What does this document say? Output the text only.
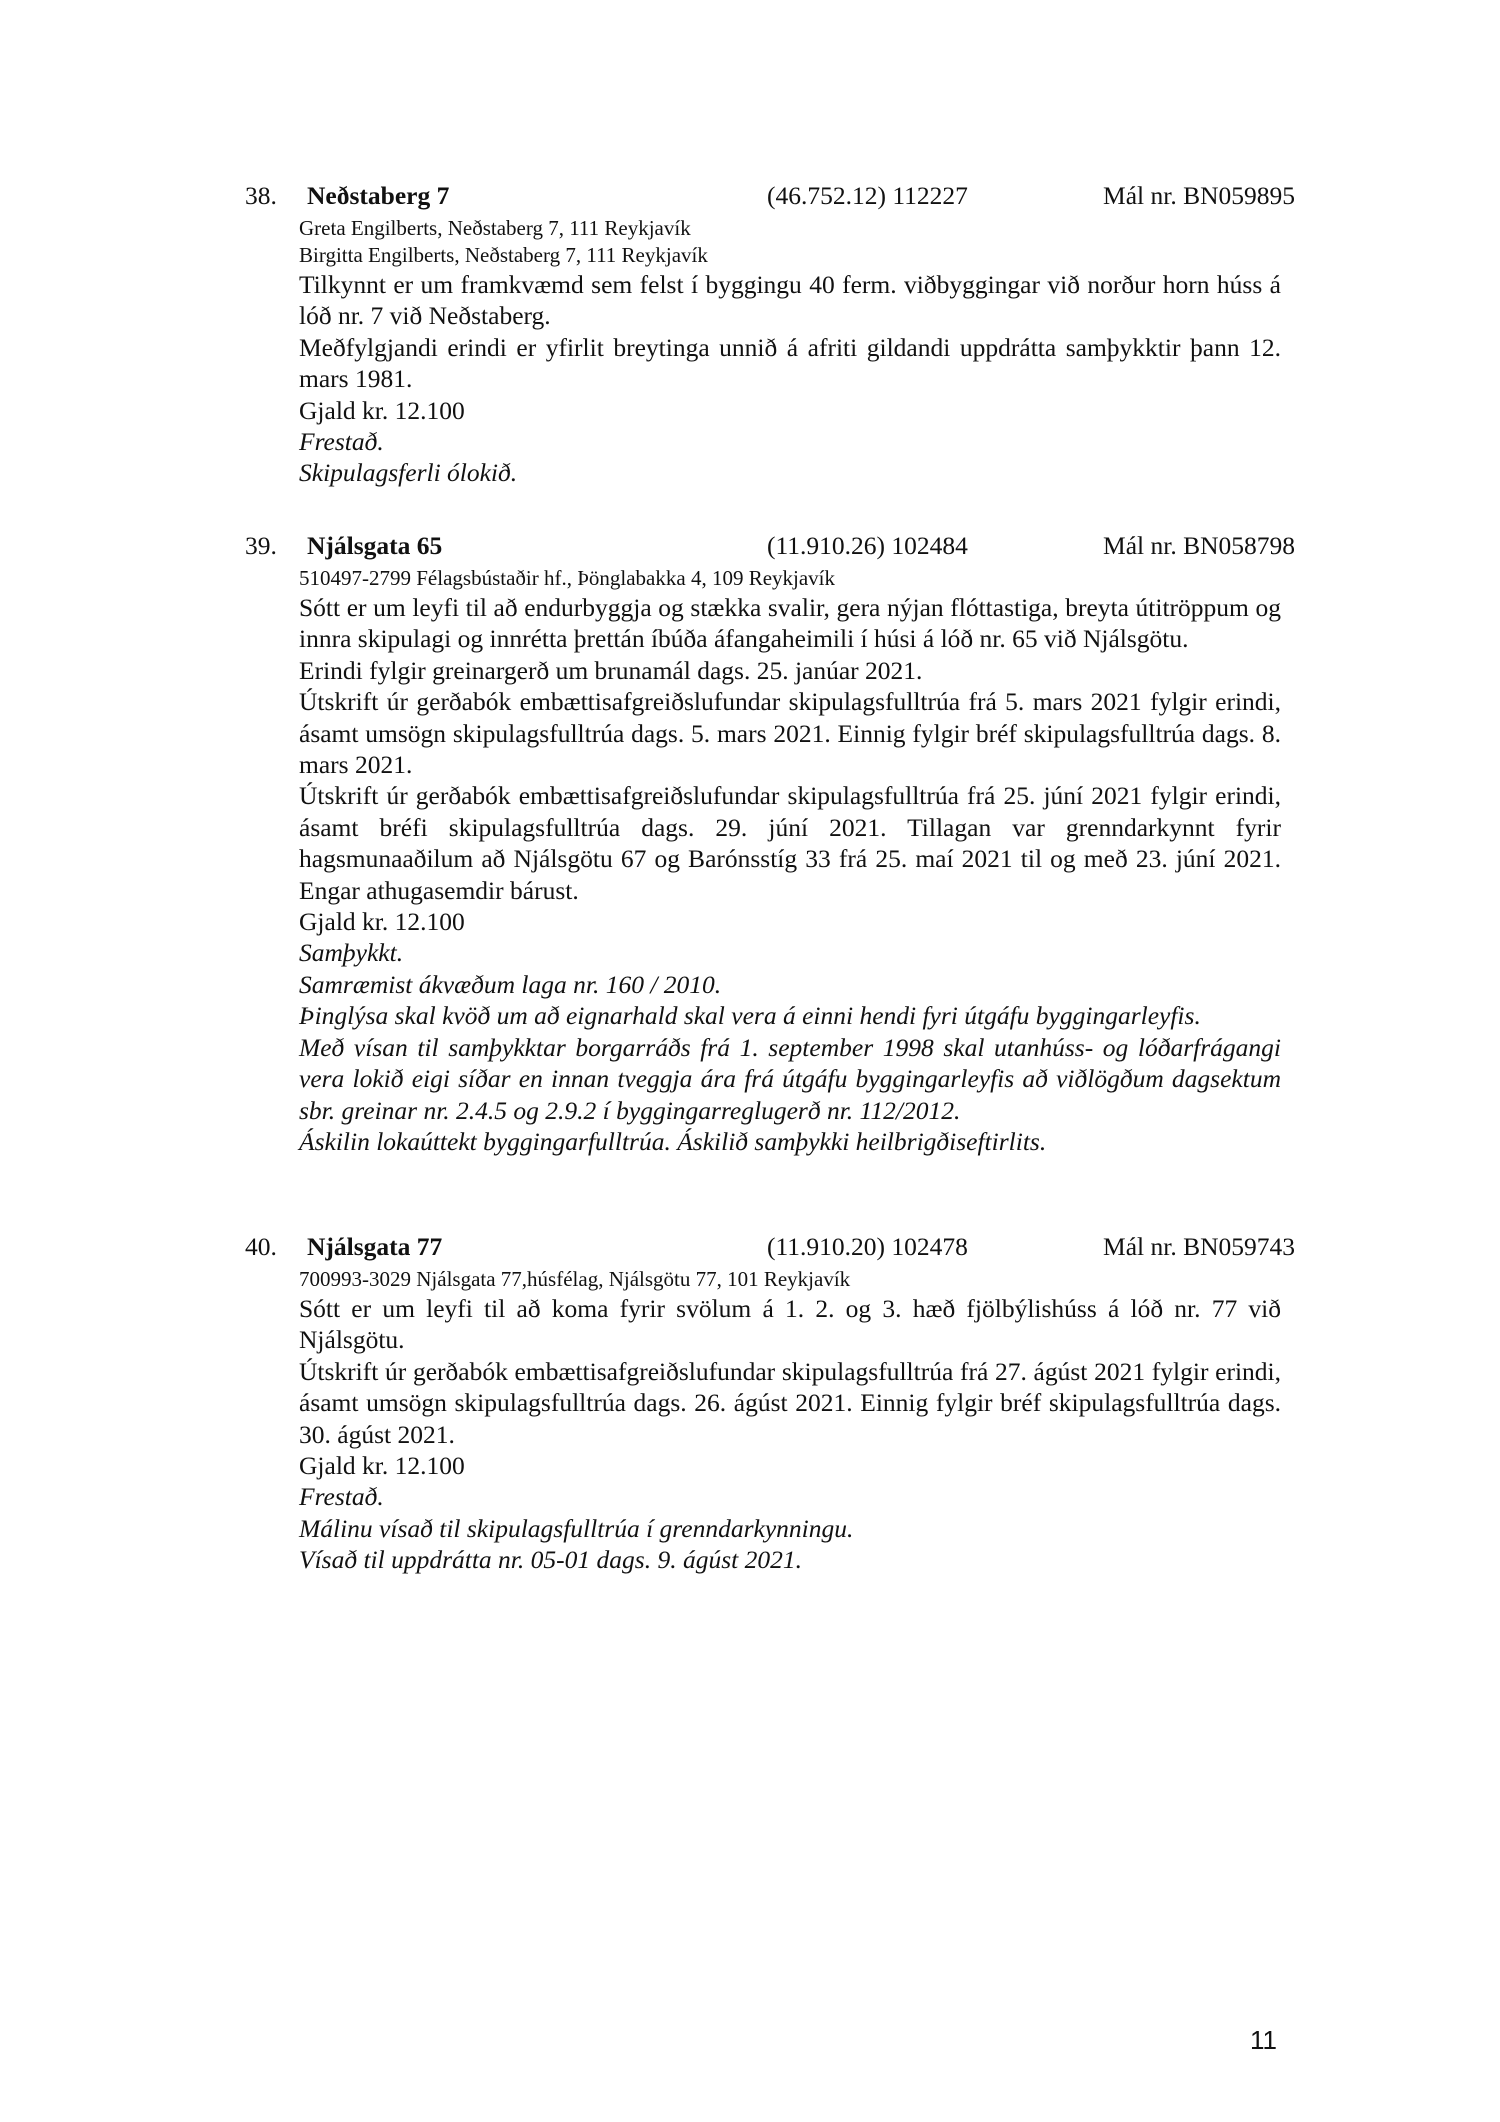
38. Neðstaberg 7	(46.752.12) 112227	Mál nr. BN059895
Greta Engilberts, Neðstaberg 7, 111 Reykjavík
Birgitta Engilberts, Neðstaberg 7, 111 Reykjavík
Tilkynnt er um framkvæmd sem felst í byggingu 40 ferm. viðbyggingar við norður horn húss á lóð nr. 7 við Neðstaberg.
Meðfylgjandi erindi er yfirlit breytinga unnið á afriti gildandi uppdrátta samþykktir þann 12. mars 1981.
Gjald kr. 12.100
Frestað.
Skipulagsferli ólokið.
39. Njálsgata 65	(11.910.26) 102484	Mál nr. BN058798
510497-2799 Félagsbústaðir hf., Þönglabakka 4, 109 Reykjavík
Sótt er um leyfi til að endurbyggja og stækka svalir, gera nýjan flóttastiga, breyta útitröppum og innra skipulagi og innrétta þrettán íbúða áfangaheimili í húsi á lóð nr. 65 við Njálsgötu.
Erindi fylgir greinargerð um brunamál dags. 25. janúar 2021.
Útskrift úr gerðabók embættisafgreiðslufundar skipulagsfulltrúa frá 5. mars 2021 fylgir erindi, ásamt umsögn skipulagsfulltrúa dags. 5. mars 2021. Einnig fylgir bréf skipulagsfulltrúa dags. 8. mars 2021.
Útskrift úr gerðabók embættisafgreiðslufundar skipulagsfulltrúa frá 25. júní 2021 fylgir erindi, ásamt bréfi skipulagsfulltrúa dags. 29. júní 2021. Tillagan var grenndarkynnt fyrir hagsmunaaðilum að Njálsgötu 67 og Barónsstíg 33 frá 25. maí 2021 til og með 23. júní 2021. Engar athugasemdir bárust.
Gjald kr. 12.100
Samþykkt.
Samræmist ákvæðum laga nr. 160 / 2010.
Þinglýsa skal kvöð um að eignarhald skal vera á einni hendi fyri útgáfu byggingarleyfis.
Með vísan til samþykktar borgarráðs frá 1. september 1998 skal utanhúss- og lóðarfrágangi vera lokið eigi síðar en innan tveggja ára frá útgáfu byggingarleyfis að viðlögðum dagsektum sbr. greinar nr. 2.4.5 og 2.9.2 í byggingarreglugerð nr. 112/2012.
Áskilin lokaúttekt byggingarfulltrúa. Áskilið samþykki heilbrigðiseftirlits.
40. Njálsgata 77	(11.910.20) 102478	Mál nr. BN059743
700993-3029 Njálsgata 77,húsfélag, Njálsgötu 77, 101 Reykjavík
Sótt er um leyfi til að koma fyrir svölum á 1. 2. og 3. hæð fjölbýlishúss á lóð nr. 77 við Njálsgötu.
Útskrift úr gerðabók embættisafgreiðslufundar skipulagsfulltrúa frá 27. ágúst 2021 fylgir erindi, ásamt umsögn skipulagsfulltrúa dags. 26. ágúst 2021. Einnig fylgir bréf skipulagsfulltrúa dags. 30. ágúst 2021.
Gjald kr. 12.100
Frestað.
Málinu vísað til skipulagsfulltrúa í grenndarkynningu.
Vísað til uppdrátta nr. 05-01 dags. 9. ágúst 2021.
11
